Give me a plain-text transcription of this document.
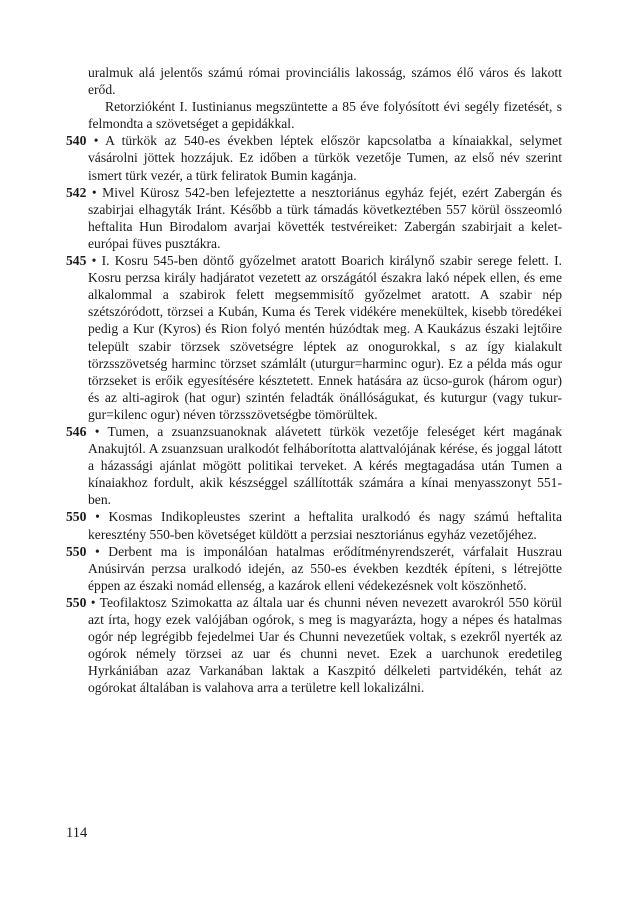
uralmuk alá jelentős számú római provinciális lakosság, számos élő város és lakott erőd.

Retorzióként I. Iustinianus megszüntette a 85 éve folyósított évi segély fizetését, s felmondta a szövetséget a gepidákkal.

540 • A türkök az 540-es években léptek először kapcsolatba a kínaiakkal, selymet vásárolni jöttek hozzájuk. Ez időben a türkök vezetője Tumen, az első név szerint ismert türk vezér, a türk feliratok Bumin kagánja.

542 • Mivel Kürosz 542-ben lefejeztette a nesztoriánus egyház fejét, ezért Zabergán és szabirjai elhagyták Iránt. Később a türk támadás következtében 557 körül összeomló heftalita Hun Birodalom avarjai követték testvéreiket: Zabergán szabirjait a kelet-európai füves pusztákra.

545 • I. Kosru 545-ben döntő győzelmet aratott Boarich királynő szabir serege felett. I. Kosru perzsa király hadjáratot vezetett az országától északra lakó népek ellen, és eme alkalommal a szabirok felett megsemmisítő győzelmet aratott. A szabir nép szétszóródott, törzsei a Kubán, Kuma és Terek vidékére menekültek, kisebb töredékei pedig a Kur (Kyros) és Rion folyó mentén húzódtak meg. A Kaukázus északi lejtőire települt szabir törzsek szövetségre léptek az onogurokkal, s az így kialakult törzsszövetség harminc törzset számlált (uturgur=harminc ogur). Ez a példa más ogur törzseket is erőik egyesítésére késztetett. Ennek hatására az ücso-gurok (három ogur) és az alti-agirok (hat ogur) szintén feladták önállóságukat, és kuturgur (vagy tukur-gur=kilenc ogur) néven törzsszövetségbe tömörültek.

546 • Tumen, a zsuanzsuanoknak alávetett türkök vezetője feleséget kért magának Anakujtól. A zsuanzsuan uralkodót felháborította alattvalójának kérése, és joggal látott a házassági ajánlat mögött politikai terveket. A kérés megtagadása után Tumen a kínaiakhoz fordult, akik készséggel szállították számára a kínai menyasszonyt 551-ben.

550 • Kosmas Indikopleustes szerint a heftalita uralkodó és nagy számú heftalita keresztény 550-ben követséget küldött a perzsiai nesztoriánus egyház vezetőjéhez.

550 • Derbent ma is imponálóan hatalmas erődítményrendszerét, várfalait Huszrau Anúsirván perzsa uralkodó idején, az 550-es években kezdték építeni, s létrejötte éppen az északi nomád ellenség, a kazárok elleni védekezésnek volt köszönhető.

550 • Teofilaktosz Szimokatta az általa uar és chunni néven nevezett avarokról 550 körül azt írta, hogy ezek valójában ogórok, s meg is magyarázta, hogy a népes és hatalmas ogór nép legrégibb fejedelmei Uar és Chunni nevezetűek voltak, s ezekről nyerték az ogórok némely törzsei az uar és chunni nevet. Ezek a uarchunok eredetileg Hyrkániában azaz Varkanában laktak a Kaszpitó délkeleti partvidékén, tehát az ogórokat általában is valahova arra a területre kell lokalizálni.

114
